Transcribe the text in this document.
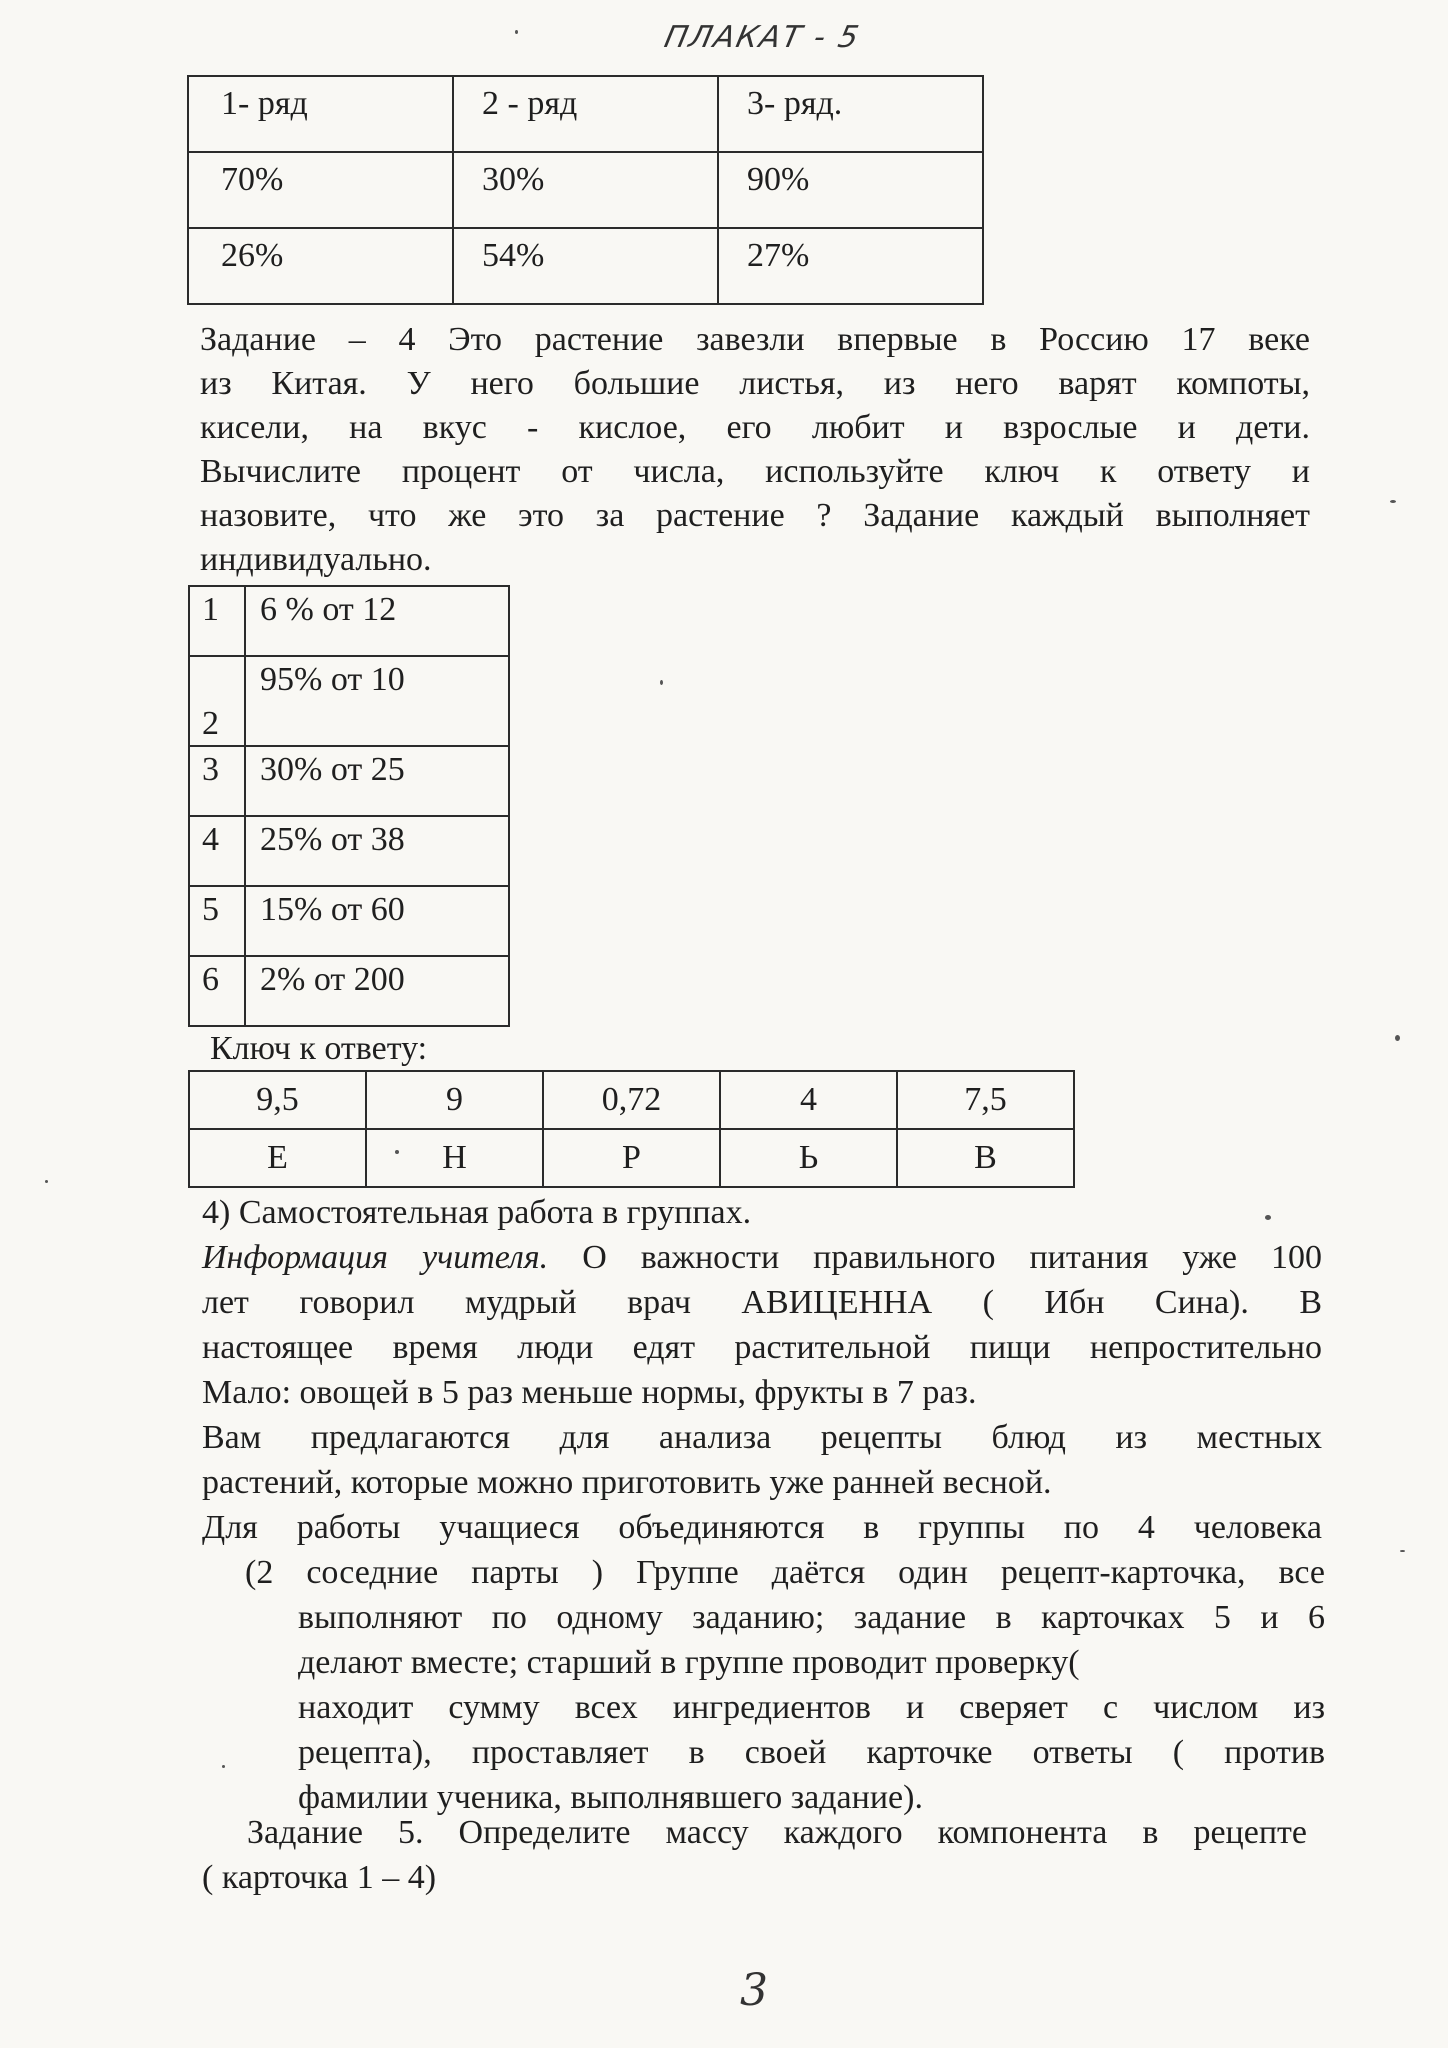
ПЛАКАТ - 5
1- ряд	2 - ряд	3- ряд.
70%	30%	90%
26%	54%	27%
Задание – 4 Это растение завезли впервые в Россию 17 веке
из Китая. У него большие листья, из него варят компоты,
кисели, на вкус - кислое, его любит и взрослые и дети.
Вычислите процент от числа, используйте ключ к ответу и
назовите, что же это за растение ? Задание каждый выполняет
индивидуально.
1	6 % от 12
2	95% от 10
3	30% от 25
4	25% от 38
5	15% от 60
6	2% от 200
Ключ к ответу:
9,5	9	0,72	4	7,5
Е	Н	Р	Ь	В
4) Самостоятельная работа в группах.
Информация учителя. О важности правильного питания уже 100
лет говорил мудрый врач АВИЦЕННА ( Ибн Сина). В
настоящее время люди едят растительной пищи непростительно
Мало: овощей в 5 раз меньше нормы, фрукты в 7 раз.
Вам предлагаются для анализа рецепты блюд из местных
растений, которые можно приготовить уже ранней весной.
Для работы учащиеся объединяются в группы по 4 человека
(2 соседние парты ) Группе даётся один рецепт-карточка, все
выполняют по одному заданию; задание в карточках 5 и 6
делают вместе; старший в группе проводит проверку(
находит сумму всех ингредиентов и сверяет с числом из
рецепта), проставляет в своей карточке ответы ( против
фамилии ученика, выполнявшего задание).
Задание 5. Определите массу каждого компонента в рецепте
( карточка 1 – 4)
3
